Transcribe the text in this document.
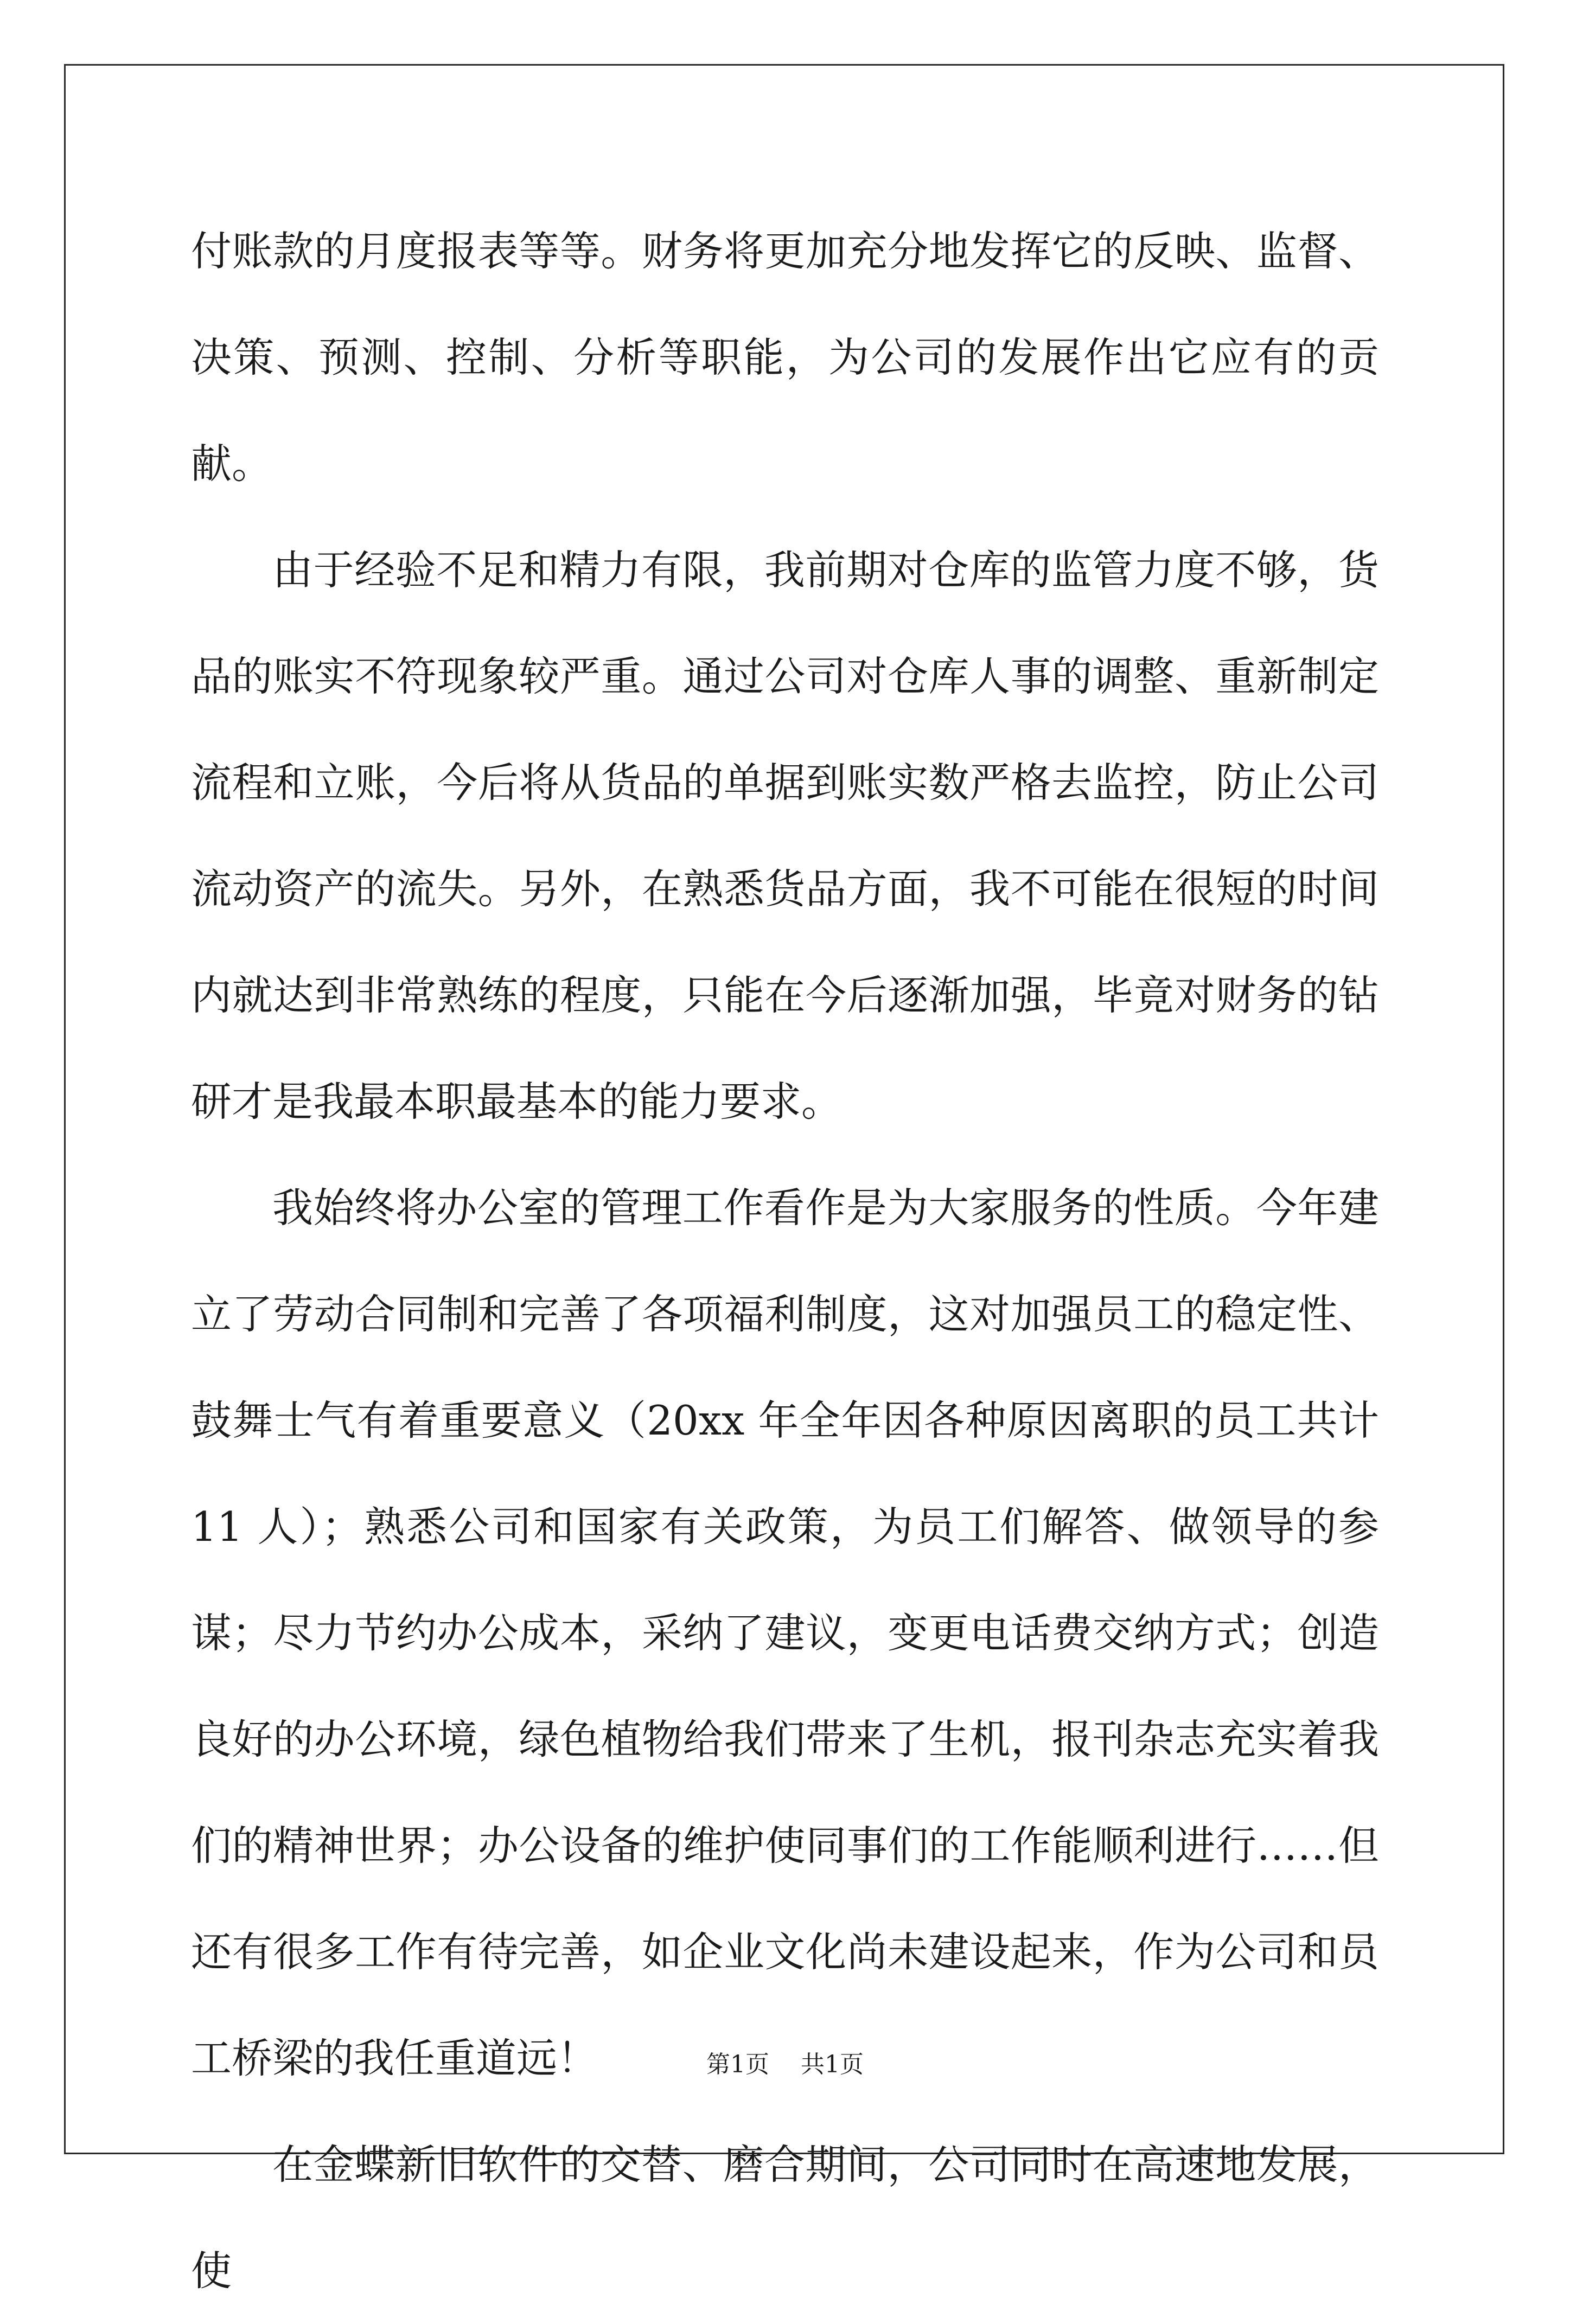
付账款的月度报表等等。财务将更加充分地发挥它的反映、监督、决策、预测、控制、分析等职能，为公司的发展作出它应有的贡献。

由于经验不足和精力有限，我前期对仓库的监管力度不够，货品的账实不符现象较严重。通过公司对仓库人事的调整、重新制定流程和立账，今后将从货品的单据到账实数严格去监控，防止公司流动资产的流失。另外，在熟悉货品方面，我不可能在很短的时间内就达到非常熟练的程度，只能在今后逐渐加强，毕竟对财务的钻研才是我最本职最基本的能力要求。

我始终将办公室的管理工作看作是为大家服务的性质。今年建立了劳动合同制和完善了各项福利制度，这对加强员工的稳定性、鼓舞士气有着重要意义（20xx 年全年因各种原因离职的员工共计 11 人）；熟悉公司和国家有关政策，为员工们解答、做领导的参谋；尽力节约办公成本，采纳了建议，变更电话费交纳方式；创造良好的办公环境，绿色植物给我们带来了生机，报刊杂志充实着我们的精神世界；办公设备的维护使同事们的工作能顺利进行……但还有很多工作有待完善，如企业文化尚未建设起来，作为公司和员工桥梁的我任重道远！

在金蝶新旧软件的交替、磨合期间，公司同时在高速地发展，使

第1页 共1页
